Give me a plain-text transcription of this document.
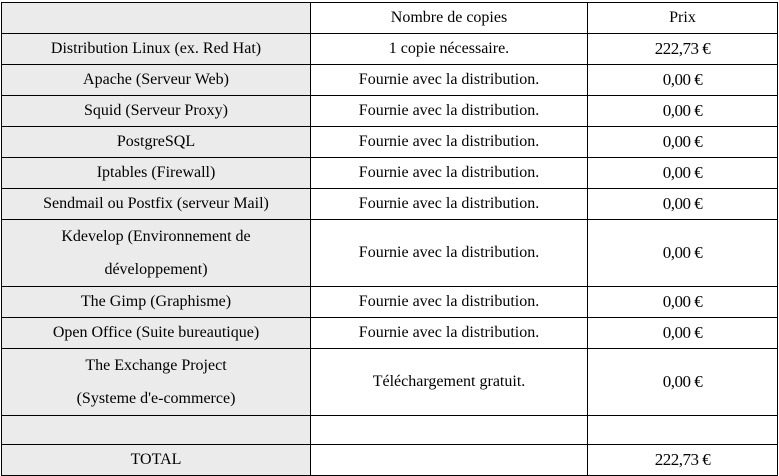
	Nombre de copies	Prix
Distribution Linux (ex. Red Hat)	1 copie nécessaire.	222,73 €
Apache (Serveur Web)	Fournie avec la distribution.	0,00 €
Squid (Serveur Proxy)	Fournie avec la distribution.	0,00 €
PostgreSQL	Fournie avec la distribution.	0,00 €
Iptables (Firewall)	Fournie avec la distribution.	0,00 €
Sendmail ou Postfix (serveur Mail)	Fournie avec la distribution.	0,00 €

Kdevelop (Environnement de
développement)	Fournie avec la distribution.	0,00 €
The Gimp (Graphisme)	Fournie avec la distribution.	0,00 €
Open Office (Suite bureautique)	Fournie avec la distribution.	0,00 €

The Exchange Project
(Systeme d'e-commerce)	Téléchargement gratuit.	0,00 €

TOTAL		222,73 €
